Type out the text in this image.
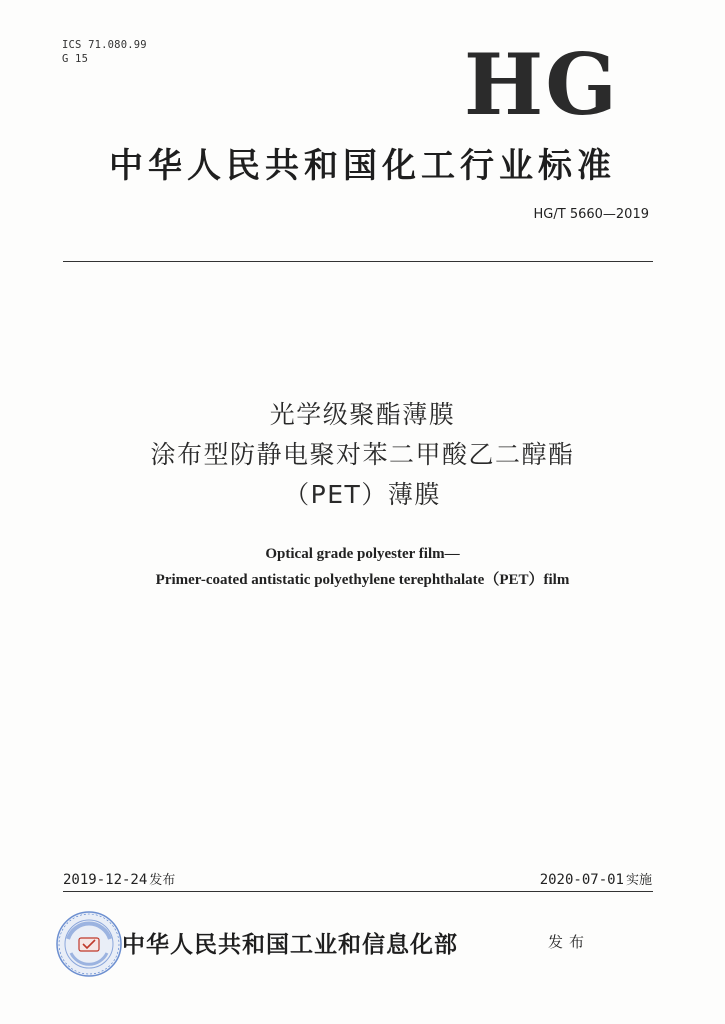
ICS 71.080.99
G 15	HG
中华人民共和国化工行业标准
HG/T 5660—2019
光学级聚酯薄膜
涂布型防静电聚对苯二甲酸乙二醇酯
（PET）薄膜
Optical grade polyester film—
Primer-coated antistatic polyethylene terephthalate（PET）film
2019-12-24 发布	2020-07-01 实施
中华人民共和国工业和信息化部	发布
